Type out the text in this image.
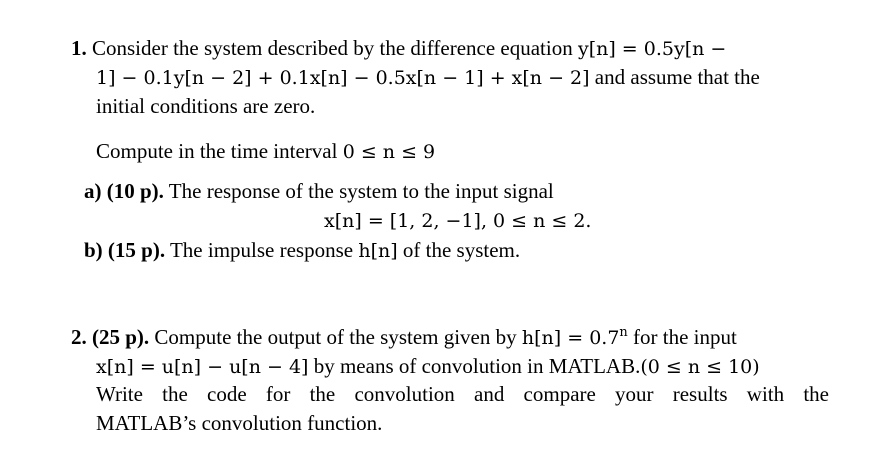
1. Consider the system described by the difference equation y[n] = 0.5y[n −
1] − 0.1y[n − 2] + 0.1x[n] − 0.5x[n − 1] + x[n − 2] and assume that the
initial conditions are zero.
Compute in the time interval 0 ≤ n ≤ 9
a) (10 p). The response of the system to the input signal
x[n] = [1, 2, −1], 0 ≤ n ≤ 2.
b) (15 p). The impulse response h[n] of the system.
2. (25 p). Compute the output of the system given by $h[n] = 0.7^n$ for the input
x[n] = u[n] − u[n − 4] by means of convolution in MATLAB.(0 ≤ n ≤ 10)
Write the code for the convolution and compare your results with the
MATLAB’s convolution function.
